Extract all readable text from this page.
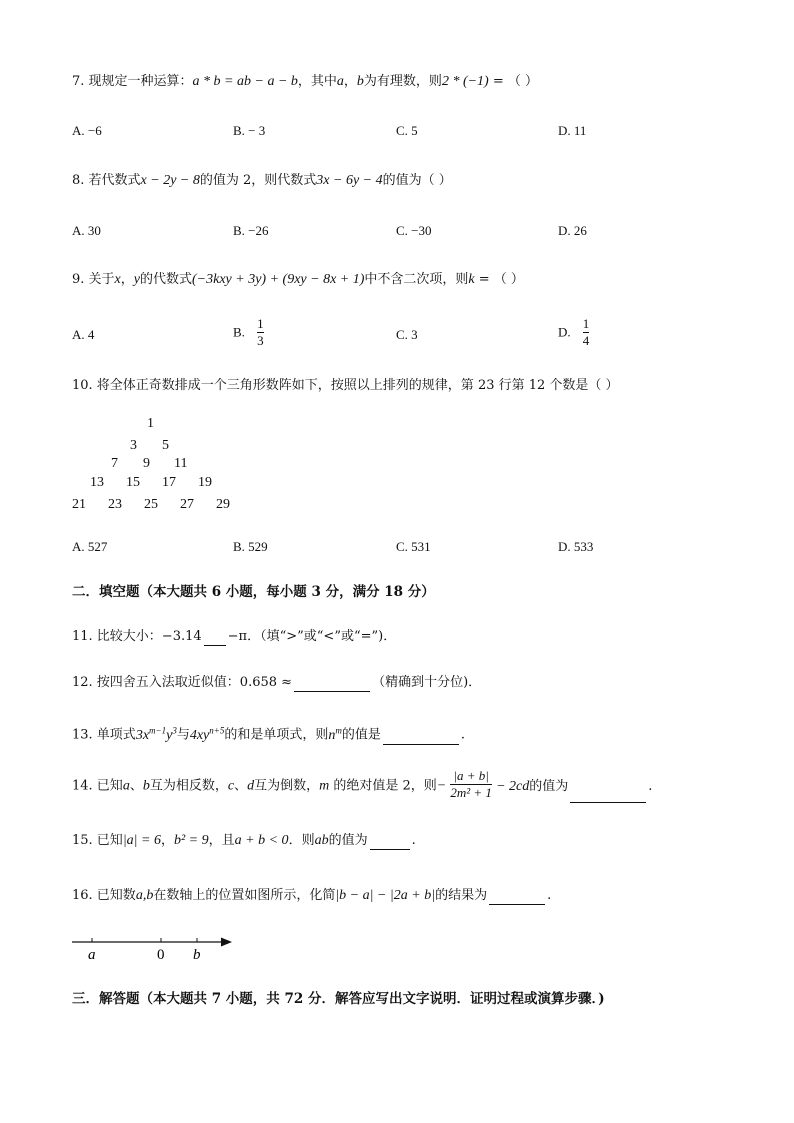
7. 现规定一种运算：a * b = ab − a − b，其中a，b为有理数，则2 * (−1) = （ ）
A. −6	B. − 3	C. 5	D. 11
8. 若代数式x − 2y − 8的值为 2，则代数式3x − 6y − 4的值为（ ）
A. 30	B. −26	C. −30	D. 26
9. 关于x，y的代数式(−3kxy + 3y) + (9xy − 8x + 1)中不含二次项，则k = （ ）
A. 4	B. $\frac{1}{3}$	C. 3	D. $\frac{1}{4}$
10. 将全体正奇数排成一个三角形数阵如下，按照以上排列的规律，第 23 行第 12 个数是（ ）
1
3 5
7 9 11
13 15 17 19
21 23 25 27 29
A. 527	B. 529	C. 531	D. 533
二．填空题（本大题共 6 小题，每小题 3 分，满分 18 分）
11. 比较大小：−3.14 −π．（填“>”或“<”或“=”)．
12. 按四舍五入法取近似值：0.658 ≈	（精确到十分位)．
13. 单项式$3x^{m-1}y^3$与$4xy^{n+5}$的和是单项式，则$n^m$的值是	.
14. 已知a、b互为相反数，c、d互为倒数，m 的绝对值是 2，则− $\frac{|a + b|}{\text{2m² + 1}} - 2cd$的值为	.
15. 已知|a| = 6，b² = 9，且a + b < 0．则ab的值为	.
16. 已知数a,b在数轴上的位置如图所示，化简|b − a| − |2a + b|的结果为	.
a	0 b
三．解答题（本大题共 7 小题，共 72 分．解答应写出文字说明．证明过程或演算步骤．)
